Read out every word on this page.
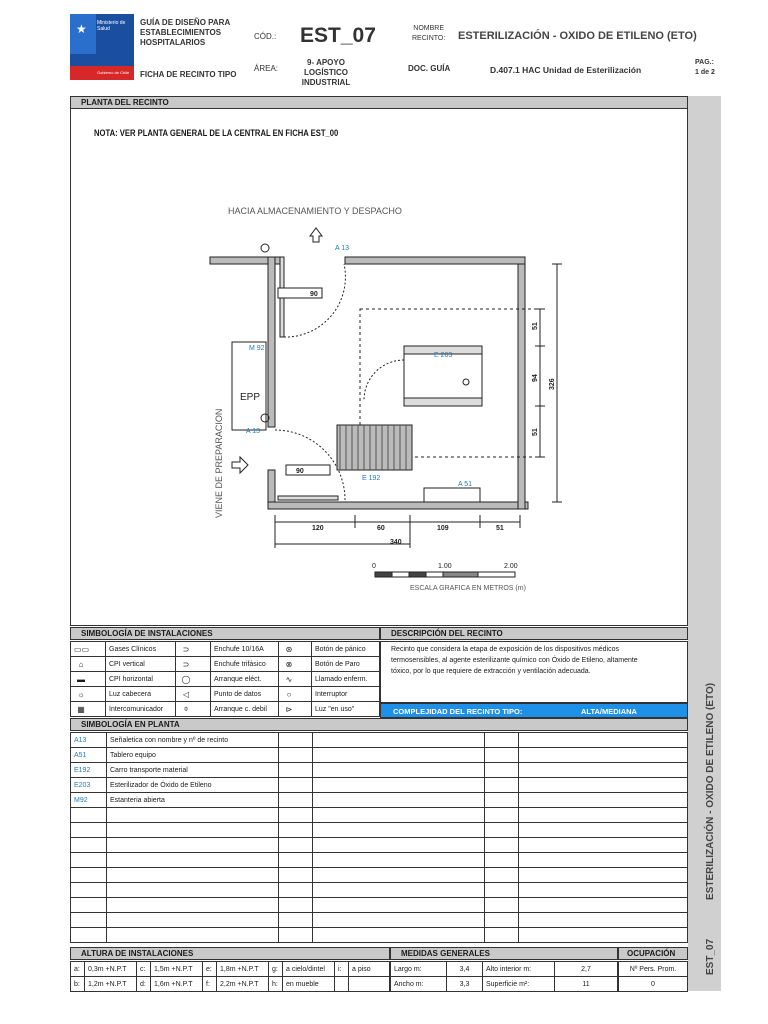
★ Ministerio de Salud
Gobierno de Chile
GUÍA DE DISEÑO PARA
ESTABLECIMIENTOS
HOSPITALARIOS
FICHA DE RECINTO TIPO
CÓD.: EST_07	NOMBRE
RECINTO: ESTERILIZACIÓN - OXIDO DE ETILENO (ETO)
ÁREA:
9- APOYO LOGÍSTICO
INDUSTRIAL
DOC. GUÍA	D.407.1 HAC Unidad de Esterilización
PAG.:
1 de 2
EST_07              ESTERILIZACIÓN - OXIDO DE ETILENO (ETO)
PLANTA DEL RECINTO
NOTA: VER PLANTA GENERAL DE LA CENTRAL EN FICHA EST_00
HACIA ALMACENAMIENTO Y DESPACHO
VIENE DE PREPARACION
EPP
90
90
A 13
A 13
M 92
E 203
E 192
A 51
120	60	109	51
340
51
94
51
326
0	1.00	2.00
ESCALA GRAFICA EN METROS (m)
SIMBOLOGÍA DE INSTALACIONES
▭▭	Gases Clínicos	⊃	Enchufe 10/16A	⊛	Botón de pánico
⌂	CPI vertical	⊃	Enchufe trifásico	⊗	Botón de Paro
▬	CPI horizontal	◯	Arranque eléct.	∿	Llamado enferm.
☼	Luz cabecera	◁	Punto de datos	○	Interruptor
▦	Intercomunicador	⌽	Arranque c. debil	⊳	Luz "en uso"
DESCRIPCIÓN DEL RECINTO
Recinto que considera la etapa de exposición de los dispositivos médicos
termosensibles, al agente esterilizante químico con Óxido de Etileno, altamente
tóxico, por lo que requiere de extracción y ventilación adecuada.
COMPLEJIDAD DEL RECINTO TIPO:	ALTA/MEDIANA
SIMBOLOGÍA EN PLANTA
A13	Señaletica con nombre y nº de recinto				
A51	Tablero equipo				
E192	Carro transporte material				
E203	Esterilizador de Óxido de Etileno				
M92	Estanteria abierta				

ALTURA DE INSTALACIONES
a:	0,3m +N.P.T	c:	1,5m +N.P.T	e:	1,8m +N.P.T	g:	a cielo/dintel	i:	a piso
b:	1,2m +N.P.T	d:	1,6m +N.P.T	f:	2,2m +N.P.T	h:	en mueble		
MEDIDAS GENERALES
Largo m:	3,4	Alto interior m:	2,7
Ancho m:	3,3	Superficie m²:	11
OCUPACIÓN
Nº Pers. Prom.
0
